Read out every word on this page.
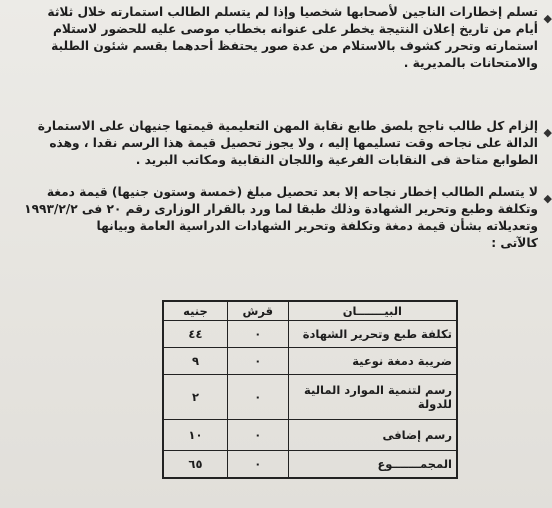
◆
تسلم إخطارات الناجين لأصحابها شخصيا وإذا لم يتسلم الطالب استمارته خلال ثلاثة
أيام من تاريخ إعلان النتيجة يخطر على عنوانه بخطاب موصى عليه للحضور لاستلام
استمارته وتحرر كشوف بالاستلام من عدة صور يحتفظ أحدهما بقسم شئون الطلبة
والامتحانات بالمديرية .
◆
إلزام كل طالب ناجح بلصق طابع نقابة المهن التعليمية قيمتها جنيهان على الاستمارة
الدالة على نجاحه وقت تسليمها إليه ، ولا يجوز تحصيل قيمة هذا الرسم نقدا ، وهذه
الطوابع متاحة فى النقابات الفرعية واللجان النقابية ومكاتب البريد .
◆
لا يتسلم الطالب إخطار نجاحه إلا بعد تحصيل مبلغ (خمسة وستون جنيها) قيمة دمغة
وتكلفة وطبع وتحرير الشهادة وذلك طبقا لما ورد بالقرار الوزارى رقم ٢٠ فى ١٩٩٣/٢/٢
وتعديلاته بشأن قيمة دمغة وتكلفة وتحرير الشهادات الدراسية العامة وبيانها
كالآتى :
البيـــــــان	قرش	جنيه
تكلفة طبع وتحرير الشهادة	٠	٤٤
ضريبة دمغة نوعية	٠	٩
رسم لتنمية الموارد المالية للدولة	٠	٢
رسم إضافى	٠	١٠
المجمـــــــوع	٠	٦٥
